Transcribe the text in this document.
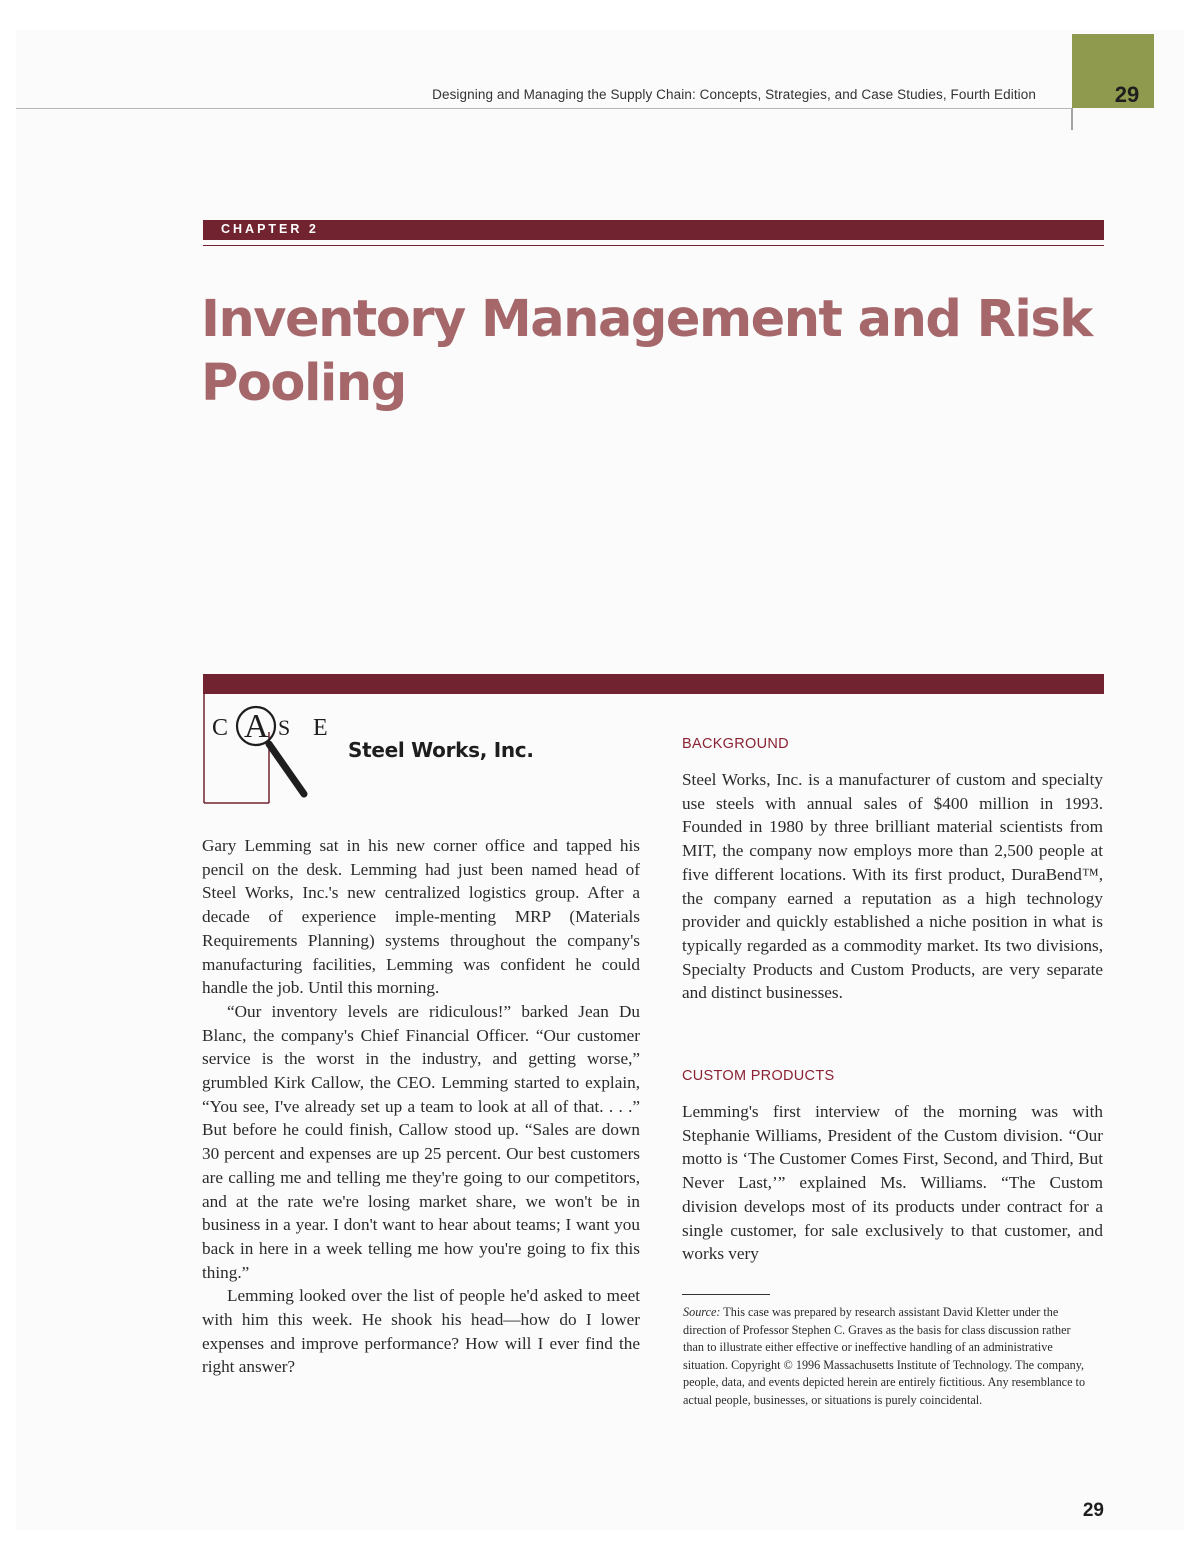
Designing and Managing the Supply Chain: Concepts, Strategies, and Case Studies, Fourth Edition	29
CHAPTER 2
Inventory Management and Risk
Pooling
C A S E
Steel Works, Inc.

Gary Lemming sat in his new corner office and tapped his pencil on the desk. Lemming had just been named head of Steel Works, Inc.'s new centralized logistics group. After a decade of experience imple-menting MRP (Materials Requirements Planning) systems throughout the company's manufacturing facilities, Lemming was confident he could handle the job. Until this morning.

“Our inventory levels are ridiculous!” barked Jean Du Blanc, the company's Chief Financial Officer. “Our customer service is the worst in the industry, and getting worse,” grumbled Kirk Callow, the CEO. Lemming started to explain, “You see, I've already set up a team to look at all of that. . . .” But before he could finish, Callow stood up. “Sales are down 30 percent and expenses are up 25 percent. Our best customers are calling me and telling me they're going to our competitors, and at the rate we're losing market share, we won't be in business in a year. I don't want to hear about teams; I want you back in here in a week telling me how you're going to fix this thing.”

Lemming looked over the list of people he'd asked to meet with him this week. He shook his head—how do I lower expenses and improve performance? How will I ever find the right answer?

BACKGROUND

Steel Works, Inc. is a manufacturer of custom and specialty use steels with annual sales of $400 million in 1993. Founded in 1980 by three brilliant material scientists from MIT, the company now employs more than 2,500 people at five different locations. With its first product, DuraBend™, the company earned a reputation as a high technology provider and quickly established a niche position in what is typically regarded as a commodity market. Its two divisions, Specialty Products and Custom Products, are very separate and distinct businesses.

CUSTOM PRODUCTS

Lemming's first interview of the morning was with Stephanie Williams, President of the Custom division. “Our motto is ‘The Customer Comes First, Second, and Third, But Never Last,’” explained Ms. Williams. “The Custom division develops most of its products under contract for a single customer, for sale exclusively to that customer, and works very

Source: This case was prepared by research assistant David Kletter under the direction of Professor Stephen C. Graves as the basis for class discussion rather than to illustrate either effective or ineffective handling of an administrative situation. Copyright © 1996 Massachusetts Institute of Technology. The company, people, data, and events depicted herein are entirely fictitious. Any resemblance to actual people, businesses, or situations is purely coincidental.

29
